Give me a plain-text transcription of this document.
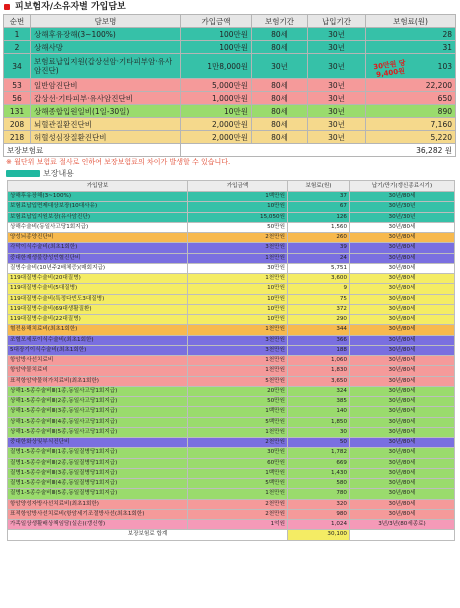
피보험자/소유자별 가입담보
순번	담보명	가입금액	보험기간	납입기간	보험료(원)
1	상해후유장해(3~100%)	100만원	80세	30년	28
2	상해사망	100만원	80세	30년	31
34	보험료납입지원(갑상선암·기타피부암·유사암진단)	1만8,000원	30년	30년	103
53	일반암진단비	5,000만원	80세	30년	22,200
56	갑상선·기타피부·유사암진단비	1,000만원	80세	30년	650
131	상해종합입원일비(1일-30일)	10만원	80세	30년	890
208	뇌혈관질환진단비	2,000만원	80세	30년	7,160
218	허혈성심장질환진단비	2,000만원	80세	30년	5,220
보장보험료		36,282 원			
※ 월단위 보험료 절사로 인하여 보장보험료의 차이가 발생할 수 있습니다.
보장내용
가입담보	가입금액	보험료(원)	납기/만기(갱신종료시기)
상해후유장해(3~100%)	1백만원	37	30년/80세
보험료납입면제대상보장(10대사유)	10만원	67	30년/30년
보험료납입지원보장(유사암진단)	15,050원	126	30년/30년
상해수술비(동일사고당1회지급)	50만원	1,560	30년/80세
양성뇌종양진단비	2천만원	260	30년/80세
각막이식수술비(최초1회한)	3천만원	39	30년/80세
중대한재생불량성빈혈진단비	1천만원	24	30년/80세
질병수술비(10년주2배체증)(매회지급)	30만원	5,751	30년/80세
119대질병수술비(20대질병)	1천만원	3,600	30년/80세
119대질병수술비(5대질병)	10만원	9	30년/80세
119대질병수술비(특정다빈도3대질병)	10만원	75	30년/80세
119대질병수술비(69대생활질환)	10만원	372	30년/80세
119대질병수술비(22대질병)	10만원	290	30년/80세
혈전용해치료비(최초1회한)	1천만원	344	30년/80세
조혈모세포이식수술비(최초1회한)	3천만원	366	30년/80세
5대장기이식수술비(최초1회한)	3천만원	188	30년/80세
항암방사선치료비	1천만원	1,060	30년/80세
항암약물치료비	1천만원	1,830	30년/80세
표적항암약물허가치료비(최초1회한)	5천만원	3,650	30년/80세
상해1-5종수술비Ⅲ(1종,동일사고당1회지급)	20만원	324	30년/80세
상해1-5종수술비Ⅲ(2종,동일사고당1회지급)	50만원	385	30년/80세
상해1-5종수술비Ⅲ(3종,동일사고당1회지급)	1백만원	140	30년/80세
상해1-5종수술비Ⅲ(4종,동일사고당1회지급)	5백만원	1,850	30년/80세
상해1-5종수술비Ⅲ(5종,동일사고당1회지급)	1천만원	30	30년/80세
중대한화상및부식진단비	2천만원	50	30년/80세
질병1-5종수술비Ⅲ(1종,동일질병당1회지급)	30만원	1,782	30년/80세
질병1-5종수술비Ⅲ(2종,동일질병당1회지급)	60만원	669	30년/80세
질병1-5종수술비Ⅲ(3종,동일질병당1회지급)	1백만원	1,430	30년/80세
질병1-5종수술비Ⅲ(4종,동일질병당1회지급)	5백만원	580	30년/80세
질병1-5종수술비Ⅲ(5종,동일질병당1회지급)	1천만원	780	30년/80세
항암양성자방사선치료비(최초1회한)	2천만원	320	30년/80세
표적항암방사선치료비(항암세기조절방사선(최초1회한)	2천만원	980	30년/80세
가족일상생활배상책임담(실손)(갱신형)	1억원	1,024	3년/3년(80세종료)
보장보험료 합계		30,100	
30만원 당 9,400원
